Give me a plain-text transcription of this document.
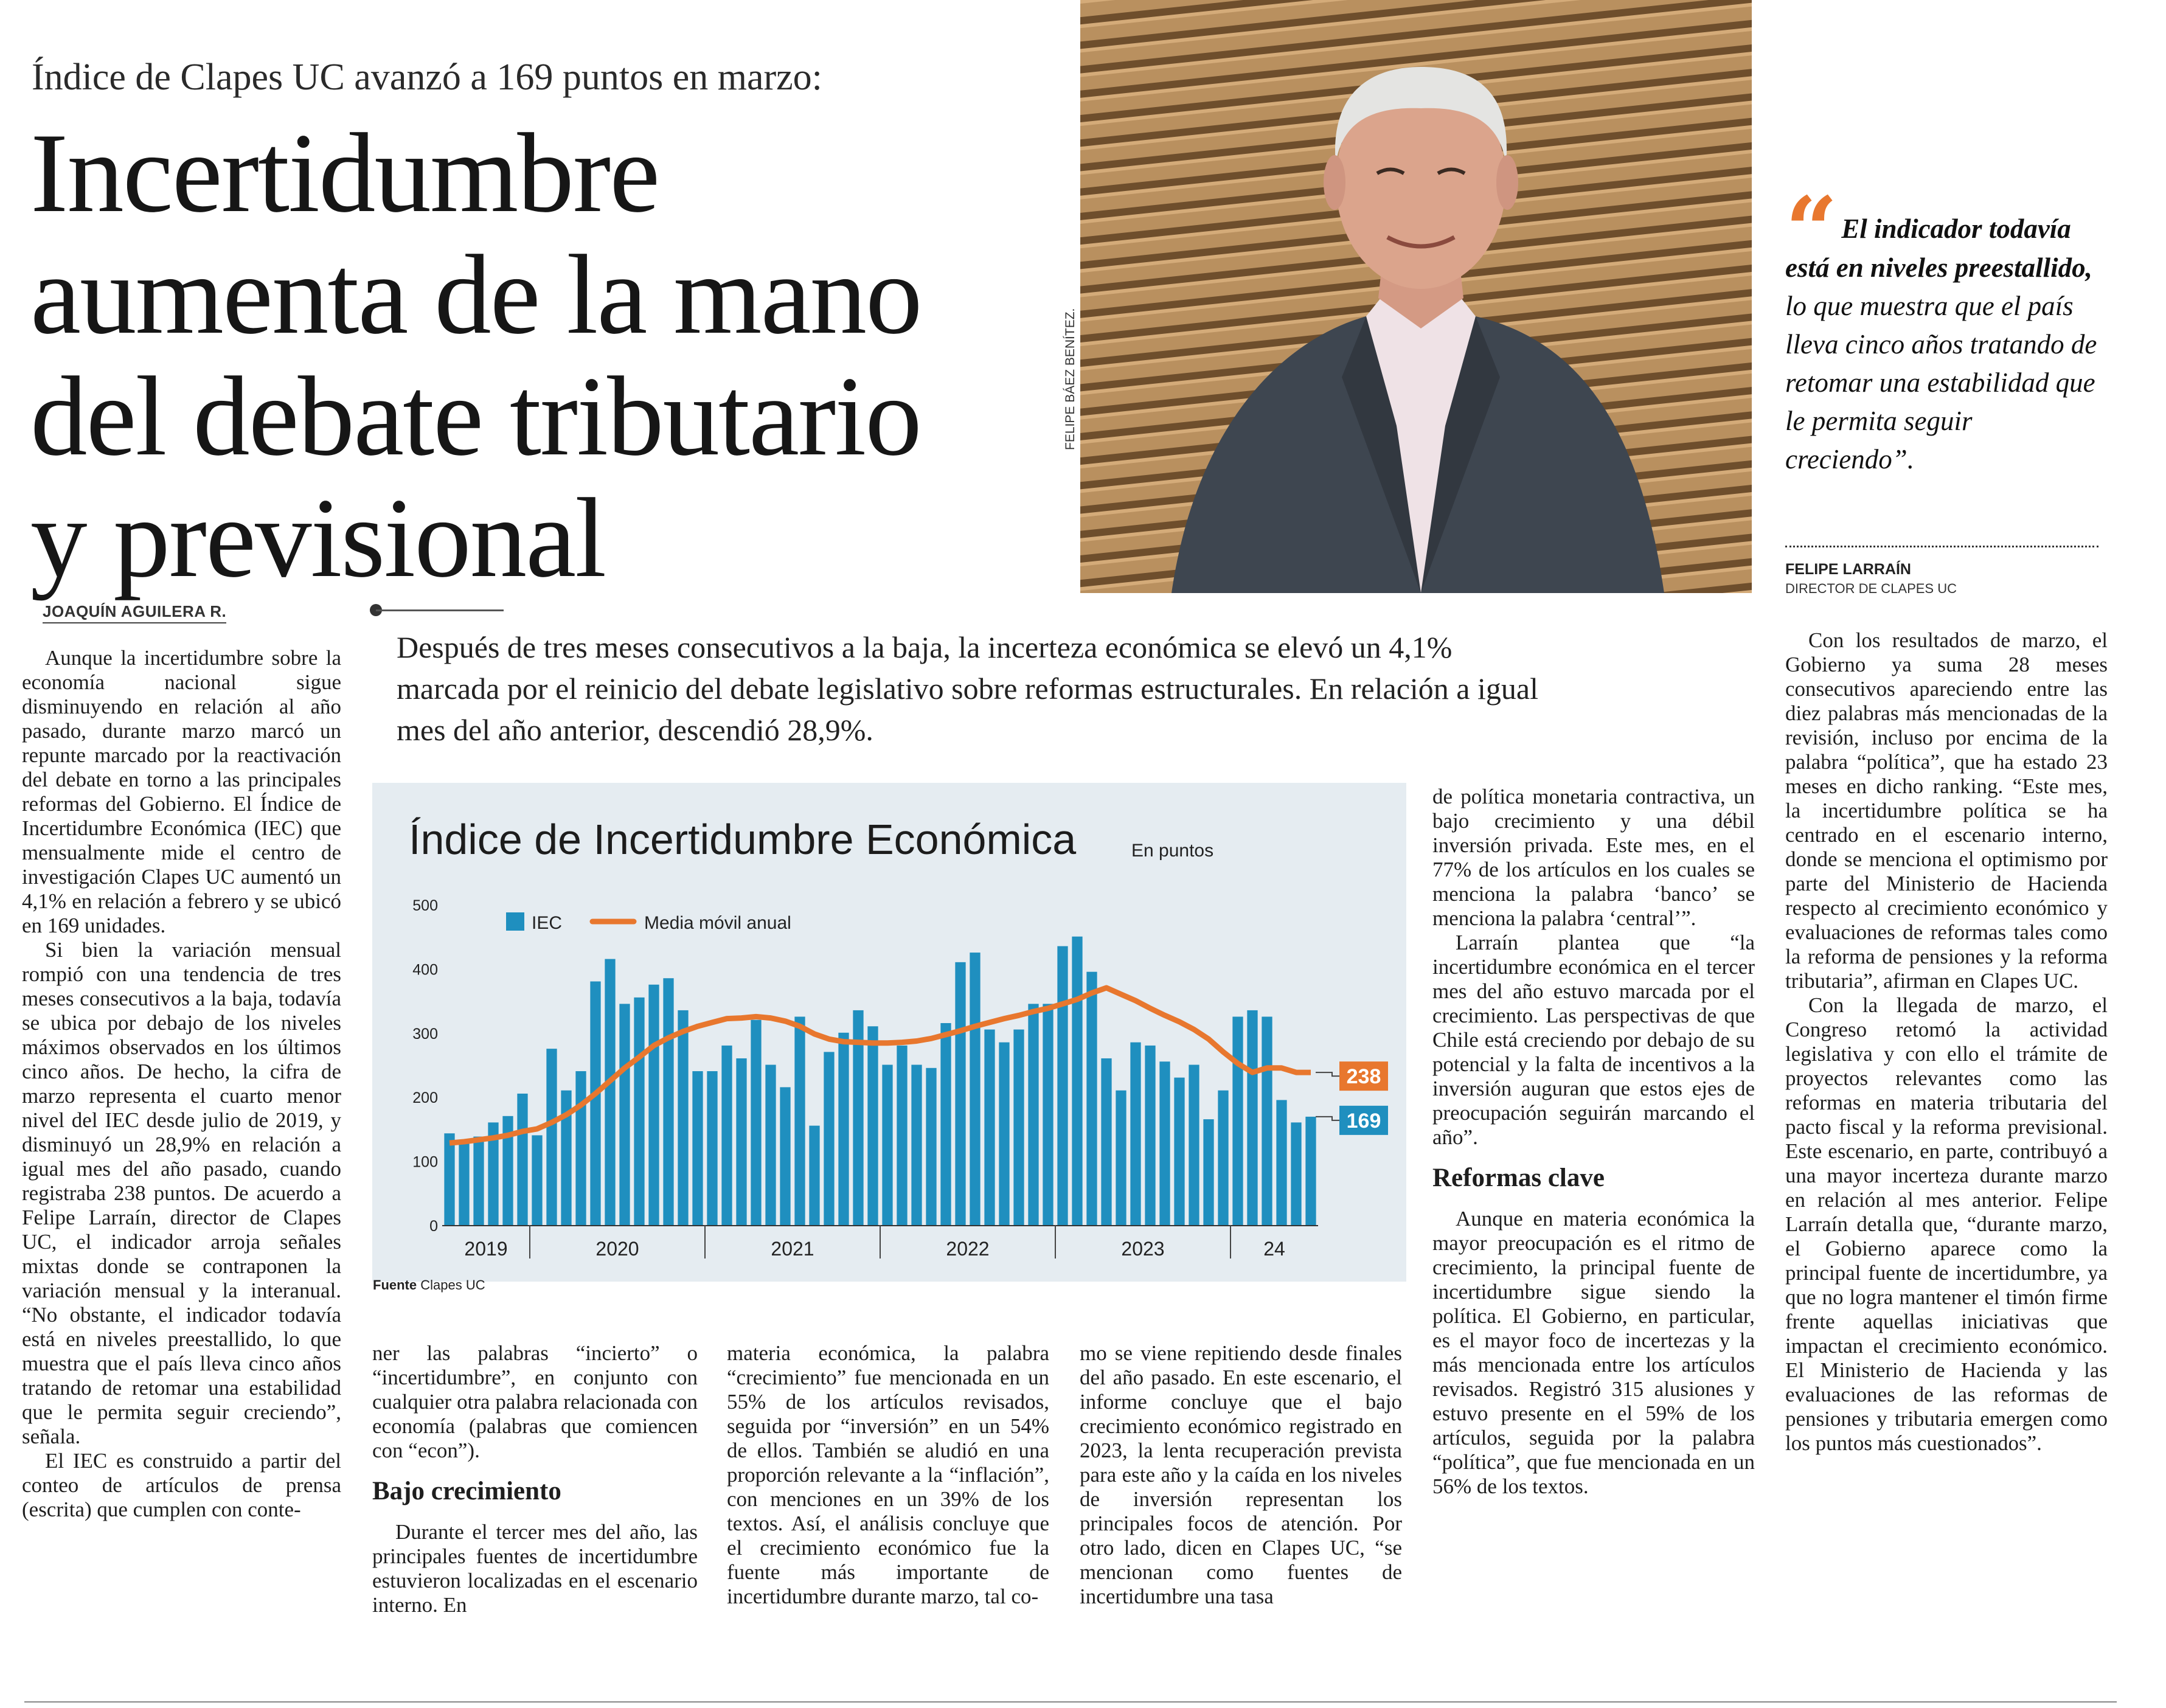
Índice de Clapes UC avanzó a 169 puntos en marzo:
Incertidumbre
aumenta de la mano
del debate tributario
y previsional
JOAQUÍN AGUILERA R.
FELIPE BÁEZ BENÍTEZ.
“ El indicador todavía está en niveles preestallido, lo que muestra que el país lleva cinco años tratando de retomar una estabilidad que le permita seguir creciendo”.
FELIPE LARRAÍN
DIRECTOR DE CLAPES UC
Después de tres meses consecutivos a la baja, la incerteza económica se elevó un 4,1% marcada por el reinicio del debate legislativo sobre reformas estructurales. En relación a igual mes del año anterior, descendió 28,9%.

Aunque la incertidumbre sobre la economía nacional sigue disminuyendo en relación al año pasado, durante marzo marcó un repunte marcado por la reactivación del debate en torno a las principales reformas del Gobierno. El Índice de Incertidumbre Económica (IEC) que mensualmente mide el centro de investigación Clapes UC aumentó un 4,1% en relación a febrero y se ubicó en 169 unidades.

Si bien la variación mensual rompió con una tendencia de tres meses consecutivos a la baja, todavía se ubica por debajo de los niveles máximos observados en los últimos cinco años. De hecho, la cifra de marzo representa el cuarto menor nivel del IEC desde julio de 2019, y disminuyó un 28,9% en relación a igual mes del año pasado, cuando registraba 238 puntos. De acuerdo a Felipe Larraín, director de Clapes UC, el indicador arroja señales mixtas donde se contraponen la variación mensual y la interanual. “No obstante, el indicador todavía está en niveles preestallido, lo que muestra que el país lleva cinco años tratando de retomar una estabilidad que le permita seguir creciendo”, señala.

El IEC es construido a partir del conteo de artículos de prensa (escrita) que cumplen con conte-

Índice de Incertidumbre Económica	En puntos
0
100
200
300
400
500
2019	2020	2021	2022	2023	24
IEC	Media móvil anual
238
169
Fuente Clapes UC

ner las palabras “incierto” o “incertidumbre”, en conjunto con cualquier otra palabra relacionada con economía (palabras que comiencen con “econ”).

Bajo crecimiento

Durante el tercer mes del año, las principales fuentes de incertidumbre estuvieron localizadas en el escenario interno. En

materia económica, la palabra “crecimiento” fue mencionada en un 55% de los artículos revisados, seguida por “inversión” en un 54% de ellos. También se aludió en una proporción relevante a la “inflación”, con menciones en un 39% de los textos. Así, el análisis concluye que el crecimiento económico fue la fuente más importante de incertidumbre durante marzo, tal co-

mo se viene repitiendo desde finales del año pasado. En este escenario, el informe concluye que el bajo crecimiento económico registrado en 2023, la lenta recuperación prevista para este año y la caída en los niveles de inversión representan los principales focos de atención. Por otro lado, dicen en Clapes UC, “se mencionan como fuentes de incertidumbre una tasa

de política monetaria contractiva, un bajo crecimiento y una débil inversión privada. Este mes, en el 77% de los artículos en los cuales se menciona la palabra ‘banco’ se menciona la palabra ‘central’”.

Larraín plantea que “la incertidumbre económica en el tercer mes del año estuvo marcada por el crecimiento. Las perspectivas de que Chile está creciendo por debajo de su potencial y la falta de incentivos a la inversión auguran que estos ejes de preocupación seguirán marcando el año”.

Reformas clave

Aunque en materia económica la mayor preocupación es el ritmo de crecimiento, la principal fuente de incertidumbre sigue siendo la política. El Gobierno, en particular, es el mayor foco de incertezas y la más mencionada entre los artículos revisados. Registró 315 alusiones y estuvo presente en el 59% de los artículos, seguida por la palabra “política”, que fue mencionada en un 56% de los textos.

Con los resultados de marzo, el Gobierno ya suma 28 meses consecutivos apareciendo entre las diez palabras más mencionadas de la revisión, incluso por encima de la palabra “política”, que ha estado 23 meses en dicho ranking. “Este mes, la incertidumbre política se ha centrado en el escenario interno, donde se menciona el optimismo por parte del Ministerio de Hacienda respecto al crecimiento económico y evaluaciones de reformas tales como la reforma de pensiones y la reforma tributaria”, afirman en Clapes UC.

Con la llegada de marzo, el Congreso retomó la actividad legislativa y con ello el trámite de proyectos relevantes como las reformas en materia tributaria del pacto fiscal y la reforma previsional. Este escenario, en parte, contribuyó a una mayor incerteza durante marzo en relación al mes anterior. Felipe Larraín detalla que, “durante marzo, el Gobierno aparece como la principal fuente de incertidumbre, ya que no logra mantener el timón firme frente aquellas iniciativas que impactan el crecimiento económico. El Ministerio de Hacienda y las evaluaciones de las reformas de pensiones y tributaria emergen como los puntos más cuestionados”.
